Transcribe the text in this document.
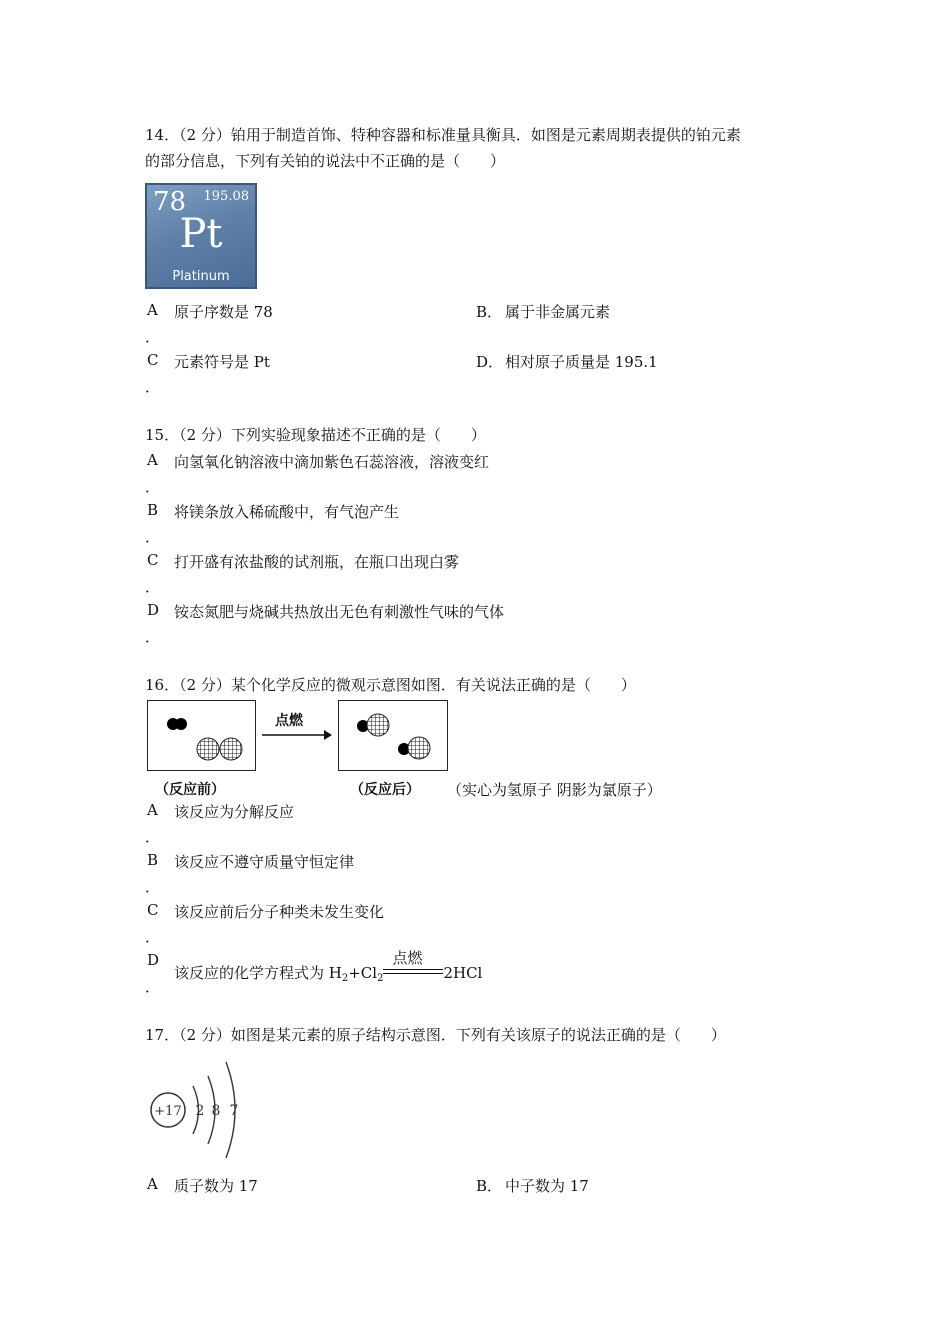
14．（2 分）铂用于制造首饰、特种容器和标准量具衡具．如图是元素周期表提供的铂元素
的部分信息，下列有关铂的说法中不正确的是（　　）
78 195.08
Pt
Platinum
A 原子序数是 78
．
B． 属于非金属元素
C 元素符号是 Pt
．
D． 相对原子质量是 195.1
15．（2 分）下列实验现象描述不正确的是（　　）
A 向氢氧化钠溶液中滴加紫色石蕊溶液，溶液变红
．
B 将镁条放入稀硫酸中，有气泡产生
．
C 打开盛有浓盐酸的试剂瓶，在瓶口出现白雾
．
D 铵态氮肥与烧碱共热放出无色有刺激性气味的气体
．
16．（2 分）某个化学反应的微观示意图如图．有关说法正确的是（　　）
点燃
（反应前）	（反应后） （实心为氢原子 阴影为氯原子）
A 该反应为分解反应
．
B 该反应不遵守质量守恒定律
．
C 该反应前后分子种类未发生变化
．
D
该反应的化学方程式为 $H_2+Cl_2$
点燃
2HCl
．
17．（2 分）如图是某元素的原子结构示意图．下列有关该原子的说法正确的是（　　）
+17 2 8 7
A 质子数为 17	B． 中子数为 17
